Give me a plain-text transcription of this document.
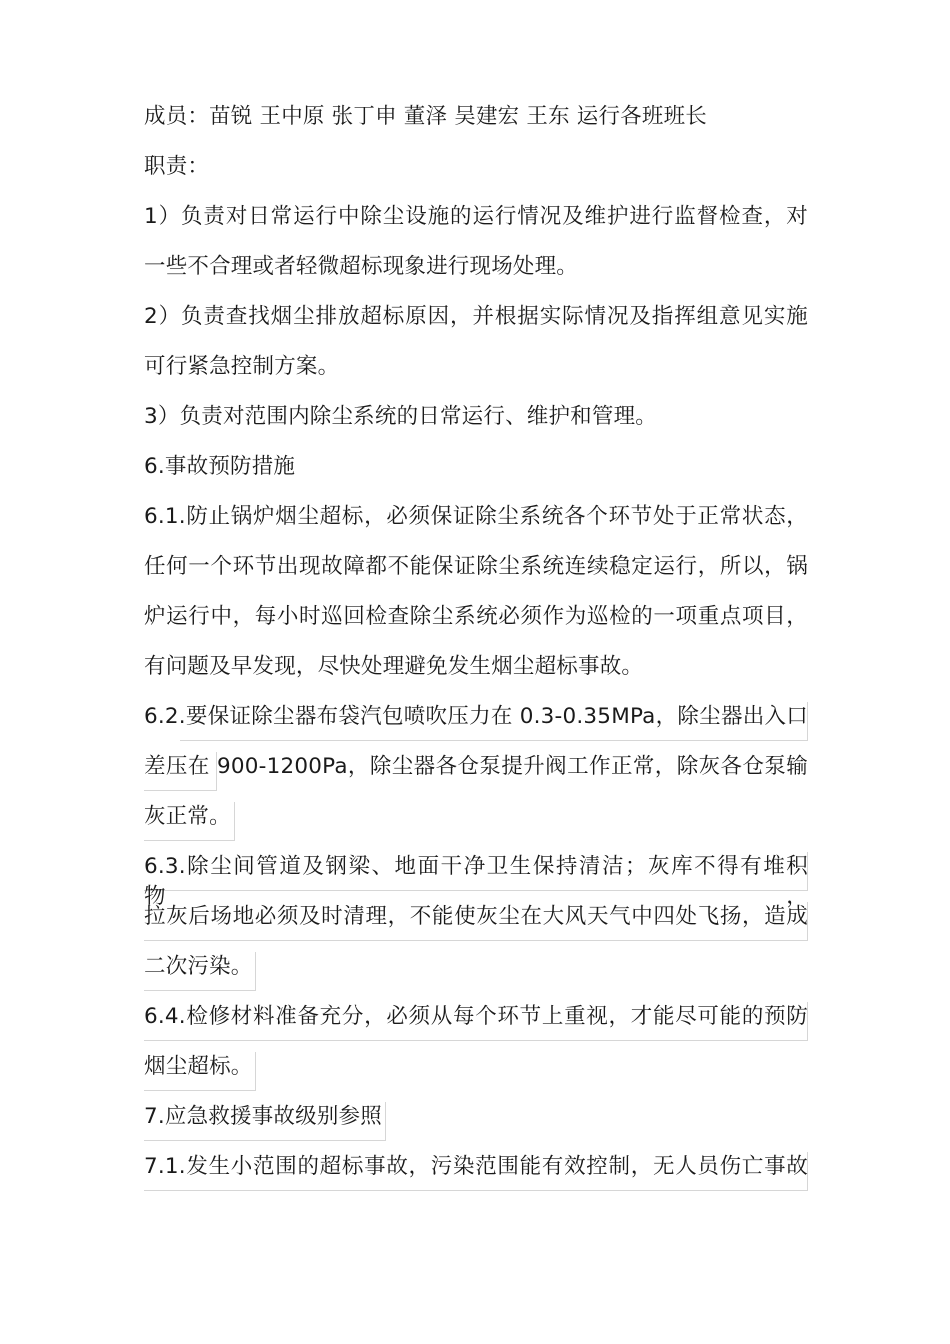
成员：苗锐 王中原 张丁申 董泽 吴建宏 王东 运行各班班长
职责：
1）负责对日常运行中除尘设施的运行情况及维护进行监督检查，对
一些不合理或者轻微超标现象进行现场处理。
2）负责查找烟尘排放超标原因，并根据实际情况及指挥组意见实施
可行紧急控制方案。
3）负责对范围内除尘系统的日常运行、维护和管理。
6.事故预防措施
6.1.防止锅炉烟尘超标，必须保证除尘系统各个环节处于正常状态，
任何一个环节出现故障都不能保证除尘系统连续稳定运行，所以，锅
炉运行中，每小时巡回检查除尘系统必须作为巡检的一项重点项目，
有问题及早发现，尽快处理避免发生烟尘超标事故。
6.2.要保证除尘器布袋汽包喷吹压力在 0.3-0.35MPa，除尘器出入口
差压在 900-1200Pa，除尘器各仓泵提升阀工作正常，除灰各仓泵输
灰正常。
6.3.除尘间管道及钢梁、地面干净卫生保持清洁；灰库不得有堆积物，
拉灰后场地必须及时清理，不能使灰尘在大风天气中四处飞扬，造成
二次污染。
6.4.检修材料准备充分，必须从每个环节上重视，才能尽可能的预防
烟尘超标。
7.应急救援事故级别参照
7.1.发生小范围的超标事故，污染范围能有效控制，无人员伤亡事故
